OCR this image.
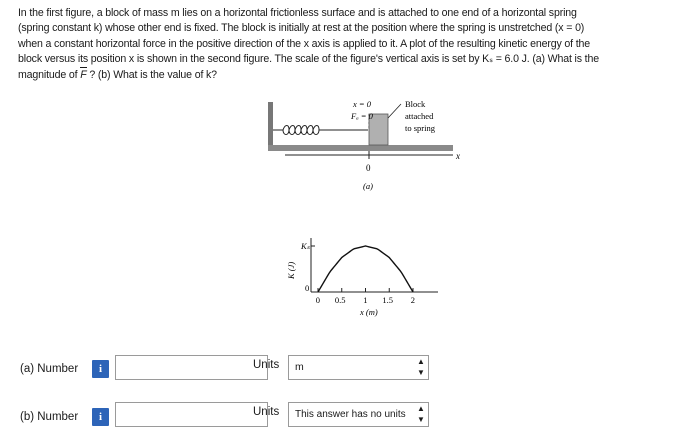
In the first figure, a block of mass m lies on a horizontal frictionless surface and is attached to one end of a horizontal spring

(spring constant k) whose other end is fixed. The block is initially at rest at the position where the spring is unstretched (x = 0)

when a constant horizontal force in the positive direction of the x axis is applied to it. A plot of the resulting kinetic energy of the

block versus its position x is shown in the second figure. The scale of the figure's vertical axis is set by Kₛ = 6.0 J. (a) What is the

magnitude of F ? (b) What is the value of k?

x = 0
Fₐ = 0
Block
attached
to spring
x
0
(a)
Kₛ
K (J)
0
0 0.5 1 1.5 2
x (m)
(a) Number	i	Units	m	▲
▼
(b) Number	i	Units	This answer has no units
▲
▼
